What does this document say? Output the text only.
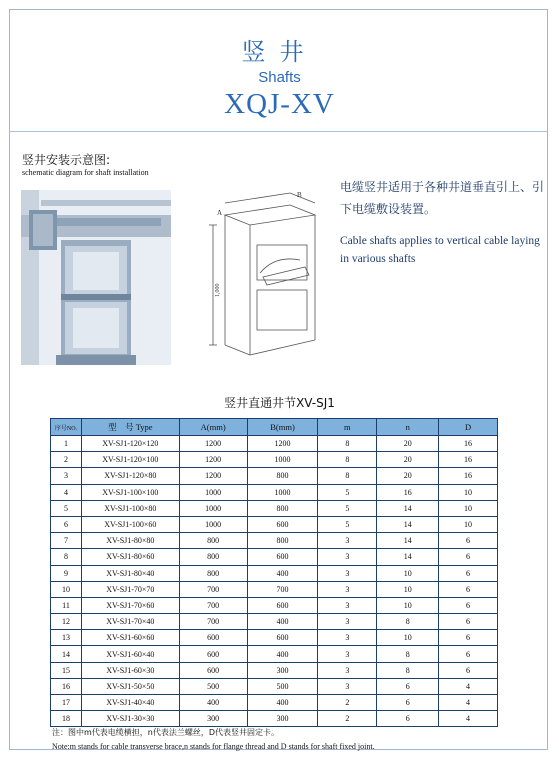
竖井
Shafts
XQJ-XV
竖井安装示意图:
schematic diagram for shaft installation
B
A
1,000
电缆竖井适用于各种井道垂直引上、引下电缆敷设装置。
Cable shafts applies to vertical cable laying in various shafts
竖井直通井节XV-SJ1
序号NO.	型　号 Type	A(mm)	B(mm)	m	n	D
1	XV-SJ1-120×120	1200	1200	8	20	16
2	XV-SJ1-120×100	1200	1000	8	20	16
3	XV-SJ1-120×80	1200	800	8	20	16
4	XV-SJ1-100×100	1000	1000	5	16	10
5	XV-SJ1-100×80	1000	800	5	14	10
6	XV-SJ1-100×60	1000	600	5	14	10
7	XV-SJ1-80×80	800	800	3	14	6
8	XV-SJ1-80×60	800	600	3	14	6
9	XV-SJ1-80×40	800	400	3	10	6
10	XV-SJ1-70×70	700	700	3	10	6
11	XV-SJ1-70×60	700	600	3	10	6
12	XV-SJ1-70×40	700	400	3	8	6
13	XV-SJ1-60×60	600	600	3	10	6
14	XV-SJ1-60×40	600	400	3	8	6
15	XV-SJ1-60×30	600	300	3	8	6
16	XV-SJ1-50×50	500	500	3	6	4
17	XV-SJ1-40×40	400	400	2	6	4
18	XV-SJ1-30×30	300	300	2	6	4
注：图中m代表电缆横担，n代表法兰螺丝，D代表竖井固定卡。
Note:m stands for cable transverse brace,n stands for flange thread and D stands for shaft fixed joint.
